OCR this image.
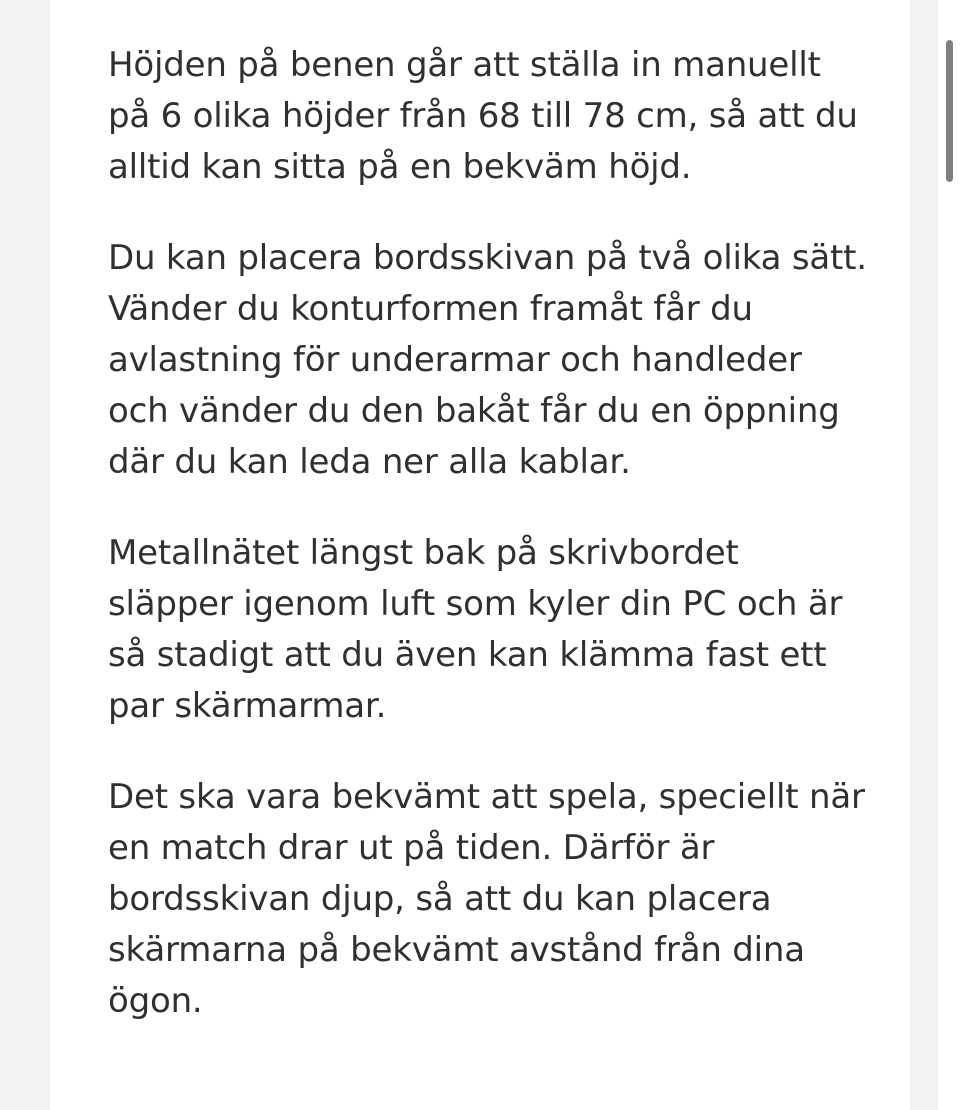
Höjden på benen går att ställa in manuellt på 6 olika höjder från 68 till 78 cm, så att du alltid kan sitta på en bekväm höjd.

Du kan placera bordsskivan på två olika sätt. Vänder du konturformen framåt får du avlastning för underarmar och handleder och vänder du den bakåt får du en öppning där du kan leda ner alla kablar.

Metallnätet längst bak på skrivbordet släpper igenom luft som kyler din PC och är så stadigt att du även kan klämma fast ett par skärmarmar.

Det ska vara bekvämt att spela, speciellt när en match drar ut på tiden. Därför är bordsskivan djup, så att du kan placera skärmarna på bekvämt avstånd från dina ögon.
